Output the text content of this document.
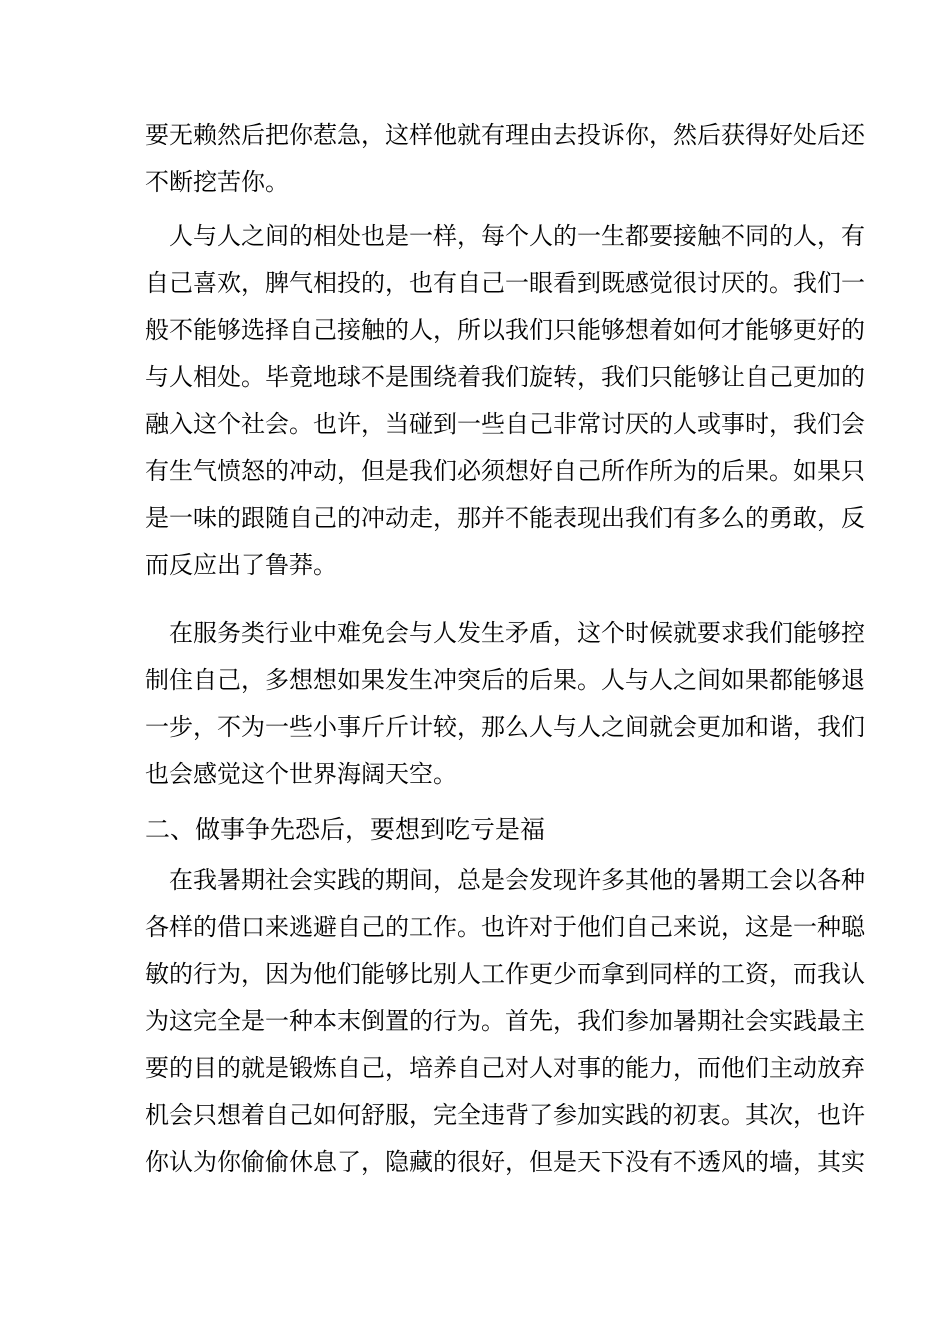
要无赖然后把你惹急，这样他就有理由去投诉你，然后获得好处后还
不断挖苦你。
人与人之间的相处也是一样，每个人的一生都要接触不同的人，有
自己喜欢，脾气相投的，也有自己一眼看到既感觉很讨厌的。我们一
般不能够选择自己接触的人，所以我们只能够想着如何才能够更好的
与人相处。毕竟地球不是围绕着我们旋转，我们只能够让自己更加的
融入这个社会。也许，当碰到一些自己非常讨厌的人或事时，我们会
有生气愤怒的冲动，但是我们必须想好自己所作所为的后果。如果只
是一味的跟随自己的冲动走，那并不能表现出我们有多么的勇敢，反
而反应出了鲁莽。
在服务类行业中难免会与人发生矛盾，这个时候就要求我们能够控
制住自己，多想想如果发生冲突后的后果。人与人之间如果都能够退
一步，不为一些小事斤斤计较，那么人与人之间就会更加和谐，我们
也会感觉这个世界海阔天空。
二、做事争先恐后，要想到吃亏是福
在我暑期社会实践的期间，总是会发现许多其他的暑期工会以各种
各样的借口来逃避自己的工作。也许对于他们自己来说，这是一种聪
敏的行为，因为他们能够比别人工作更少而拿到同样的工资，而我认
为这完全是一种本末倒置的行为。首先，我们参加暑期社会实践最主
要的目的就是锻炼自己，培养自己对人对事的能力，而他们主动放弃
机会只想着自己如何舒服，完全违背了参加实践的初衷。其次，也许
你认为你偷偷休息了，隐藏的很好，但是天下没有不透风的墙，其实
